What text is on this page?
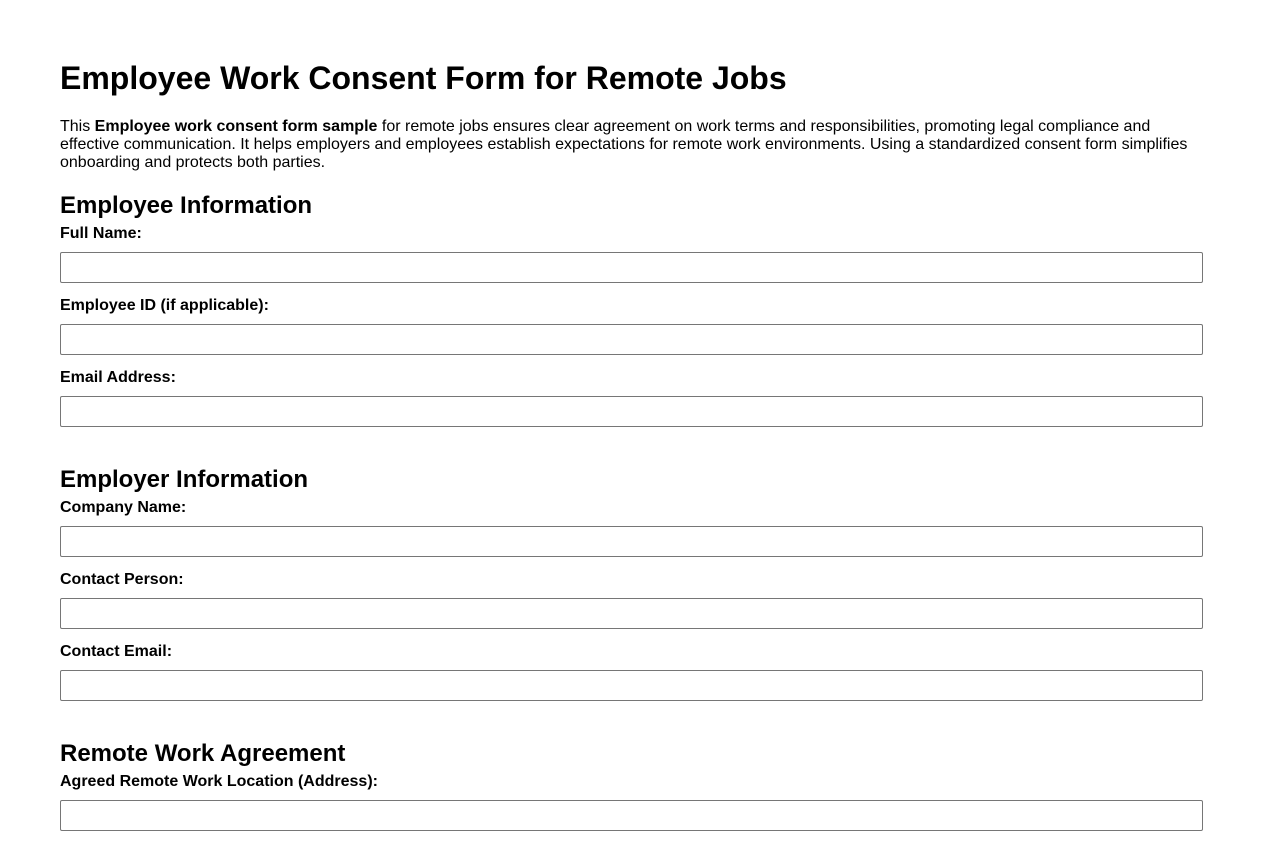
Employee Work Consent Form for Remote Jobs

This Employee work consent form sample for remote jobs ensures clear agreement on work terms and responsibilities, promoting legal compliance and effective communication. It helps employers and employees establish expectations for remote work environments. Using a standardized consent form simplifies onboarding and protects both parties.

Employee Information
Full Name:
Employee ID (if applicable):
Email Address:
Employer Information
Company Name:
Contact Person:
Contact Email:
Remote Work Agreement
Agreed Remote Work Location (Address):
